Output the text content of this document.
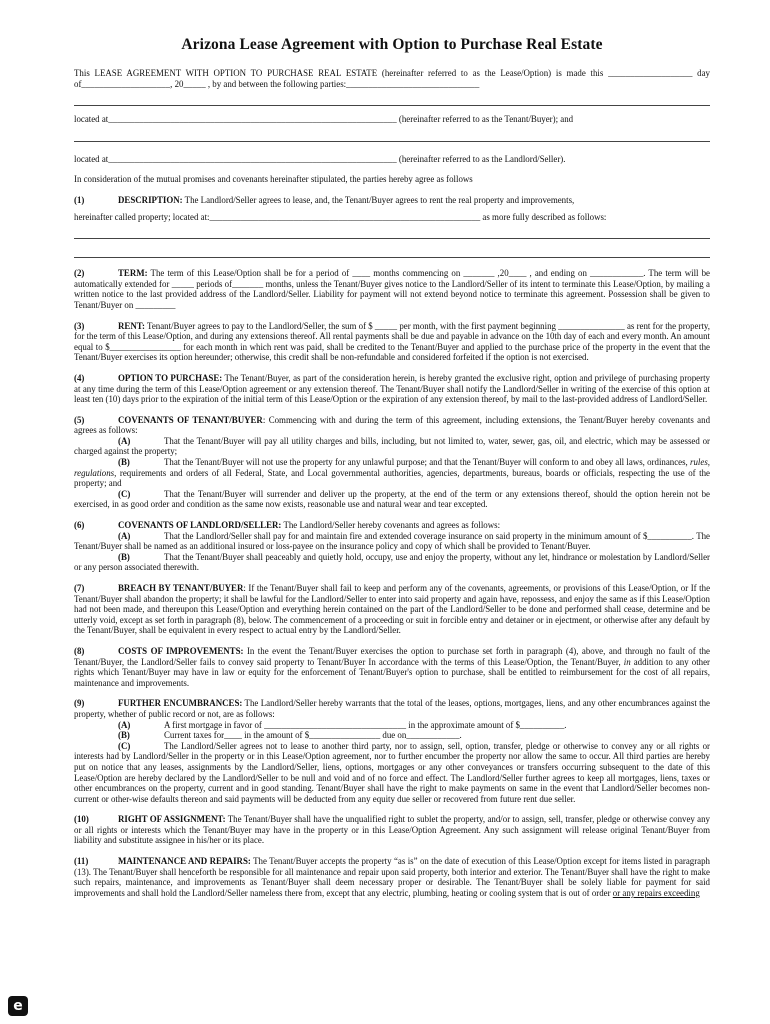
Arizona Lease Agreement with Option to Purchase Real Estate

This LEASE AGREEMENT WITH OPTION TO PURCHASE REAL ESTATE (hereinafter referred to as the Lease/Option) is made this ___________________ day of____________________, 20_____ , by and between the following parties:______________________________

located at_________________________________________________________________ (hereinafter referred to as the Tenant/Buyer); and

located at_________________________________________________________________ (hereinafter referred to as the Landlord/Seller).

In consideration of the mutual promises and covenants hereinafter stipulated, the parties hereby agree as follows

(1)	DESCRIPTION: The Landlord/Seller agrees to lease, and, the Tenant/Buyer agrees to rent the real property and improvements,

hereinafter called property; located at:_____________________________________________________________ as more fully described as follows:

(2)	TERM: The term of this Lease/Option shall be for a period of ____ months commencing on _______ ,20____ , and ending on ____________. The term will be automatically extended for _____ periods of_______ months, unless the Tenant/Buyer gives notice to the Landlord/Seller of its intent to terminate this Lease/Option, by mailing a written notice to the last provided address of the Landlord/Seller. Liability for payment will not extend beyond notice to terminate this agreement. Possession shall be given to Tenant/Buyer on _________

(3)	RENT: Tenant/Buyer agrees to pay to the Landlord/Seller, the sum of $ _____ per month, with the first payment beginning _______________ as rent for the property, for the term of this Lease/Option, and during any extensions thereof. All rental payments shall be due and payable in advance on the 10th day of each and every month. An amount equal to $________________ for each month in which rent was paid, shall be credited to the Tenant/Buyer and applied to the purchase price of the property in the event that the Tenant/Buyer exercises its option hereunder; otherwise, this credit shall be non-refundable and considered forfeited if the option is not exercised.

(4)	OPTION TO PURCHASE: The Tenant/Buyer, as part of the consideration herein, is hereby granted the exclusive right, option and privilege of purchasing property at any time during the term of this Lease/Option agreement or any extension thereof. The Tenant/Buyer shall notify the Landlord/Seller in writing of the exercise of this option at least ten (10) days prior to the expiration of the initial term of this Lease/Option or the expiration of any extension thereof, by mail to the last-provided address of Landlord/Seller.

(5)	COVENANTS OF TENANT/BUYER: Commencing with and during the term of this agreement, including extensions, the Tenant/Buyer hereby covenants and agrees as follows:

(A)	That the Tenant/Buyer will pay all utility charges and bills, including, but not limited to, water, sewer, gas, oil, and electric, which may be assessed or charged against the property;

(B)	That the Tenant/Buyer will not use the property for any unlawful purpose; and that the Tenant/Buyer will conform to and obey all laws, ordinances, rules, regulations, requirements and orders of all Federal, State, and Local governmental authorities, agencies, departments, bureaus, boards or officials, respecting the use of the property; and

(C)	That the Tenant/Buyer will surrender and deliver up the property, at the end of the term or any extensions thereof, should the option herein not be exercised, in as good order and condition as the same now exists, reasonable use and natural wear and tear excepted.

(6)	COVENANTS OF LANDLORD/SELLER: The Landlord/Seller hereby covenants and agrees as follows:

(A)	That the Landlord/Seller shall pay for and maintain fire and extended coverage insurance on said property in the minimum amount of $__________. The Tenant/Buyer shall be named as an additional insured or loss-payee on the insurance policy and copy of which shall be provided to Tenant/Buyer.

(B)	That the Tenant/Buyer shall peaceably and quietly hold, occupy, use and enjoy the property, without any let, hindrance or molestation by Landlord/Seller or any person associated therewith.

(7)	BREACH BY TENANT/BUYER: If the Tenant/Buyer shall fail to keep and perform any of the covenants, agreements, or provisions of this Lease/Option, or If the Tenant/Buyer shall abandon the property; it shall be lawful for the Landlord/Seller to enter into said property and again have, repossess, and enjoy the same as if this Lease/Option had not been made, and thereupon this Lease/Option and everything herein contained on the part of the Landlord/Seller to be done and performed shall cease, determine and be utterly void, except as set forth in paragraph (8), below. The commencement of a proceeding or suit in forcible entry and detainer or in ejectment, or otherwise after any default by the Tenant/Buyer, shall be equivalent in every respect to actual entry by the Landlord/Seller.

(8)	COSTS OF IMPROVEMENTS: In the event the Tenant/Buyer exercises the option to purchase set forth in paragraph (4), above, and through no fault of the Tenant/Buyer, the Landlord/Seller fails to convey said property to Tenant/Buyer In accordance with the terms of this Lease/Option, the Tenant/Buyer, in addition to any other rights which Tenant/Buyer may have in law or equity for the enforcement of Tenant/Buyer's option to purchase, shall be entitled to reimbursement for the cost of all repairs, maintenance and improvements.

(9)	FURTHER ENCUMBRANCES: The Landlord/Seller hereby warrants that the total of the leases, options, mortgages, liens, and any other encumbrances against the property, whether of public record or not, are as follows:

(A)	A first mortgage in favor of ________________________________ in the approximate amount of $__________.

(B)	Current taxes for____ in the amount of $________________ due on____________.

(C)	The Landlord/Seller agrees not to lease to another third party, nor to assign, sell, option, transfer, pledge or otherwise to convey any or all rights or interests had by Landlord/Seller in the property or in this Lease/Option agreement, nor to further encumber the property nor allow the same to occur. All third parties are hereby put on notice that any leases, assignments by the Landlord/Seller, liens, options, mortgages or any other conveyances or transfers occurring subsequent to the date of this Lease/Option are hereby declared by the Landlord/Seller to be null and void and of no force and effect. The Landlord/Seller further agrees to keep all mortgages, liens, taxes or other encumbrances on the property, current and in good standing. Tenant/Buyer shall have the right to make payments on same in the event that Landlord/Seller becomes non-current or other-wise defaults thereon and said payments will be deducted from any equity due seller or recovered from future rent due seller.

(10)	RIGHT OF ASSIGNMENT: The Tenant/Buyer shall have the unqualified right to sublet the property, and/or to assign, sell, transfer, pledge or otherwise convey any or all rights or interests which the Tenant/Buyer may have in the property or in this Lease/Option Agreement. Any such assignment will release original Tenant/Buyer from liability and substitute assignee in his/her or its place.

(11)	MAINTENANCE AND REPAIRS: The Tenant/Buyer accepts the property “as is” on the date of execution of this Lease/Option except for items listed in paragraph (13). The Tenant/Buyer shall henceforth be responsible for all maintenance and repair upon said property, both interior and exterior. The Tenant/Buyer shall have the right to make such repairs, maintenance, and improvements as Tenant/Buyer shall deem necessary proper or desirable. The Tenant/Buyer shall be solely liable for payment for said improvements and shall hold the Landlord/Seller nameless there from, except that any electric, plumbing, heating or cooling system that is out of order or any repairs exceeding

e
